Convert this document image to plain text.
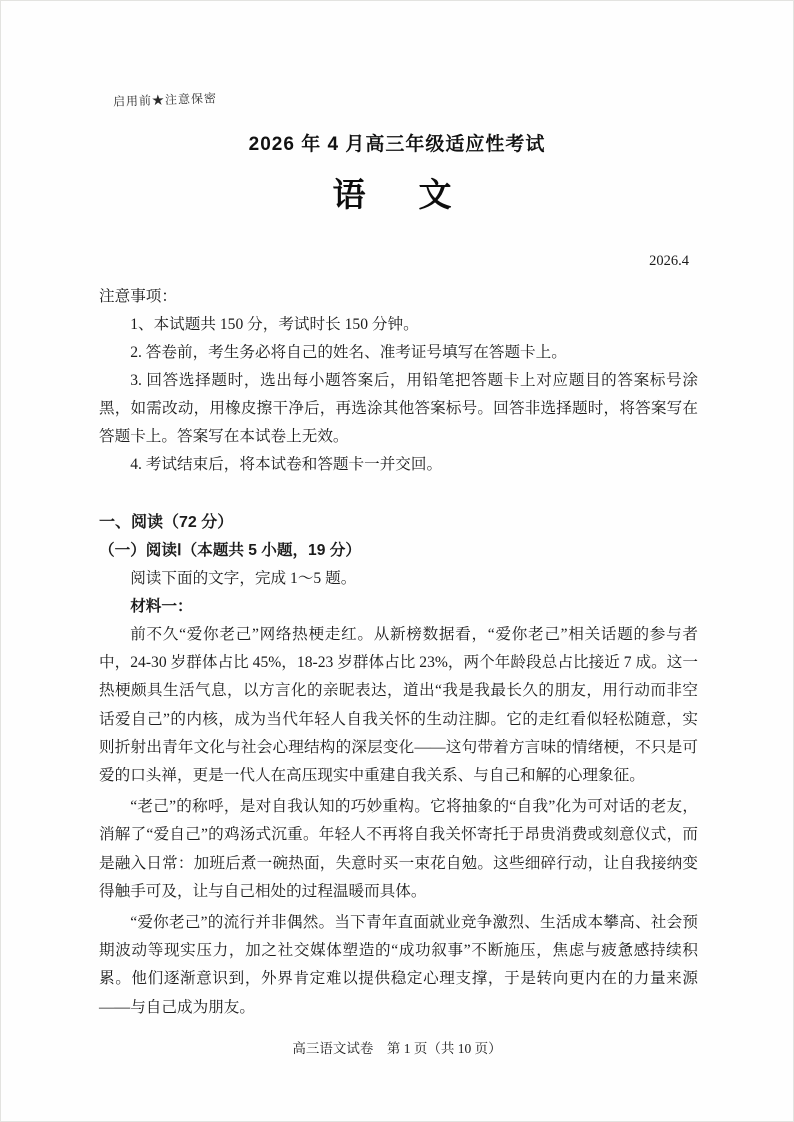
启用前★注意保密
2026 年 4 月高三年级适应性考试
语　文
2026.4
注意事项：
1、本试题共 150 分，考试时长 150 分钟。
2. 答卷前，考生务必将自己的姓名、准考证号填写在答题卡上。
3. 回答选择题时，选出每小题答案后，用铅笔把答题卡上对应题目的答案标号涂黑，如需改动，用橡皮擦干净后，再选涂其他答案标号。回答非选择题时，将答案写在答题卡上。答案写在本试卷上无效。
4. 考试结束后，将本试卷和答题卡一并交回。
一、阅读（72 分）
（一）阅读Ⅰ（本题共 5 小题，19 分）
阅读下面的文字，完成 1～5 题。
材料一：
前不久“爱你老己”网络热梗走红。从新榜数据看，“爱你老己”相关话题的参与者中，24-30 岁群体占比 45%，18-23 岁群体占比 23%，两个年龄段总占比接近 7 成。这一热梗颇具生活气息，以方言化的亲昵表达，道出“我是我最长久的朋友，用行动而非空话爱自己”的内核，成为当代年轻人自我关怀的生动注脚。它的走红看似轻松随意，实则折射出青年文化与社会心理结构的深层变化——这句带着方言味的情绪梗，不只是可爱的口头禅，更是一代人在高压现实中重建自我关系、与自己和解的心理象征。
“老己”的称呼，是对自我认知的巧妙重构。它将抽象的“自我”化为可对话的老友，消解了“爱自己”的鸡汤式沉重。年轻人不再将自我关怀寄托于昂贵消费或刻意仪式，而是融入日常：加班后煮一碗热面，失意时买一束花自勉。这些细碎行动，让自我接纳变得触手可及，让与自己相处的过程温暖而具体。
“爱你老己”的流行并非偶然。当下青年直面就业竞争激烈、生活成本攀高、社会预期波动等现实压力，加之社交媒体塑造的“成功叙事”不断施压，焦虑与疲惫感持续积累。他们逐渐意识到，外界肯定难以提供稳定心理支撑，于是转向更内在的力量来源——与自己成为朋友。
高三语文试卷　第 1 页（共 10 页）
